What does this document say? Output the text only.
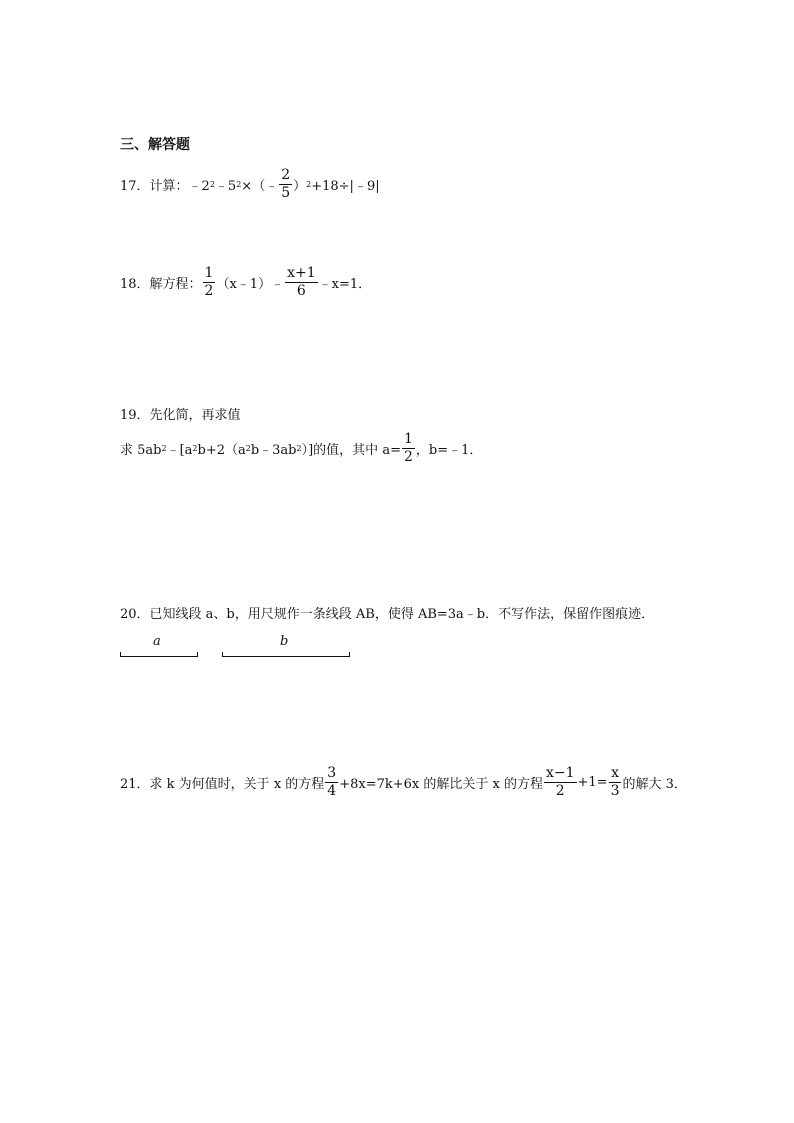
三、解答题
17．计算：﹣2 2 ﹣5 2 ×（﹣ $\frac{2}{5}$ ） 2 +18÷|﹣9|
18．解方程： $\frac{1}{2}$ （x﹣1）﹣ $\frac{x+1}{6}$ ﹣x=1．
19．先化简，再求值
求 5ab 2 ﹣[a 2 b+2（a 2 b﹣3ab 2 ）]的值，其中 $a= \frac{1}{2}$ ，b=﹣1．
20．已知线段 a、b，用尺规作一条线段 AB，使得 AB=3a﹣b．不写作法，保留作图痕迹．
a	b
21．求 k 为何值时，关于 x 的方程 $\frac{3}{4} +8x=7k+6x$ 的解比关于 x 的方程 $\frac{x-1}{2} +1= \frac{x}{3}$ 的解大 3．
